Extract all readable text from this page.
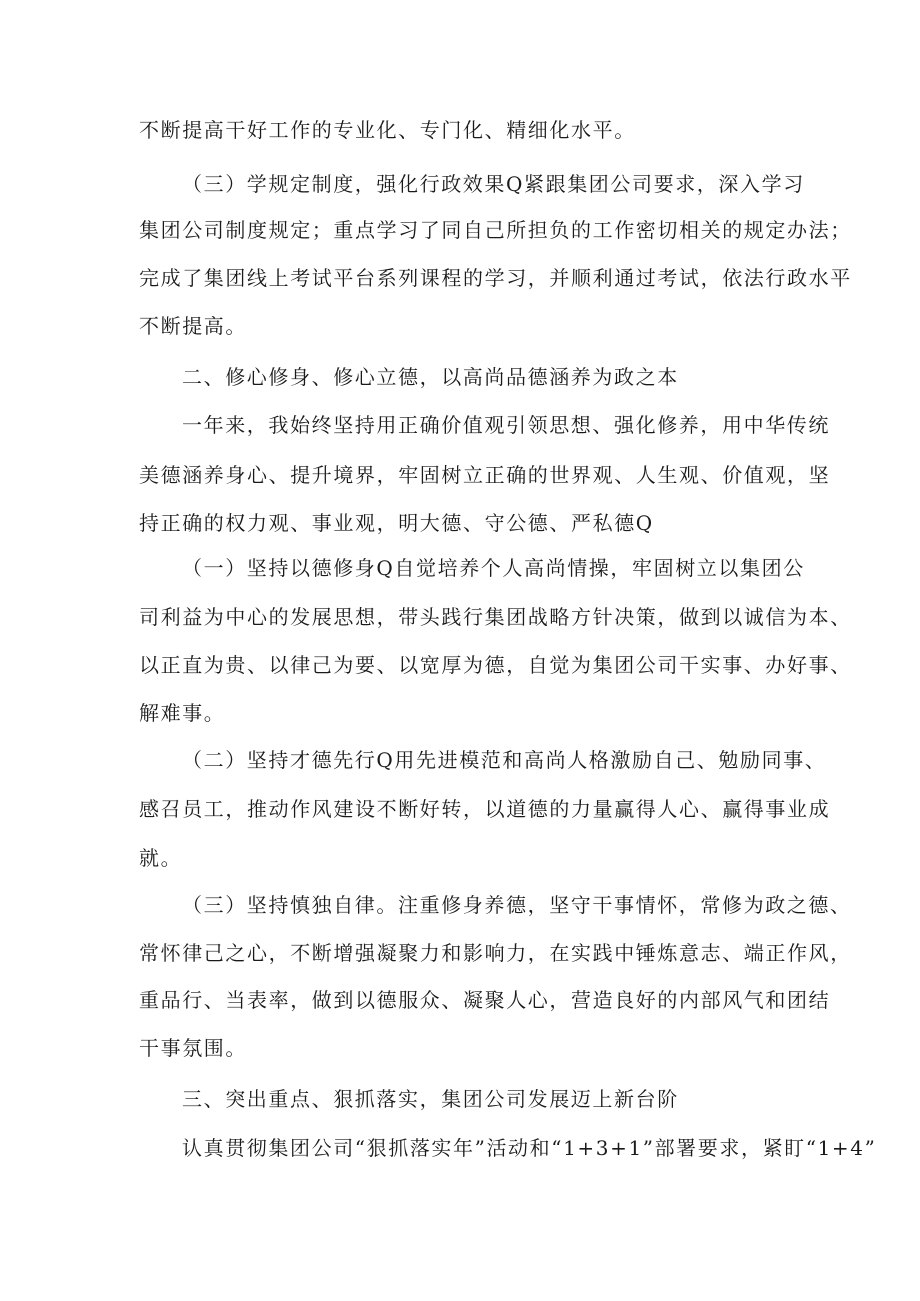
不断提高干好工作的专业化、专门化、精细化水平。
（三）学规定制度，强化行政效果Q紧跟集团公司要求，深入学习
集团公司制度规定；重点学习了同自己所担负的工作密切相关的规定办法；
完成了集团线上考试平台系列课程的学习，并顺利通过考试，依法行政水平
不断提高。
二、修心修身、修心立德，以高尚品德涵养为政之本
一年来，我始终坚持用正确价值观引领思想、强化修养，用中华传统
美德涵养身心、提升境界，牢固树立正确的世界观、人生观、价值观，坚
持正确的权力观、事业观，明大德、守公德、严私德Q
（一）坚持以德修身Q自觉培养个人高尚情操，牢固树立以集团公
司利益为中心的发展思想，带头践行集团战略方针决策，做到以诚信为本、
以正直为贵、以律己为要、以宽厚为德，自觉为集团公司干实事、办好事、
解难事。
（二）坚持才德先行Q用先进模范和高尚人格激励自己、勉励同事、
感召员工，推动作风建设不断好转，以道德的力量赢得人心、赢得事业成
就。
（三）坚持慎独自律。注重修身养德，坚守干事情怀，常修为政之德、
常怀律己之心，不断增强凝聚力和影响力，在实践中锤炼意志、端正作风，
重品行、当表率，做到以德服众、凝聚人心，营造良好的内部风气和团结
干事氛围。
三、突出重点、狠抓落实，集团公司发展迈上新台阶
认真贯彻集团公司“狠抓落实年”活动和“1+3+1”部署要求，紧盯“1+4”
